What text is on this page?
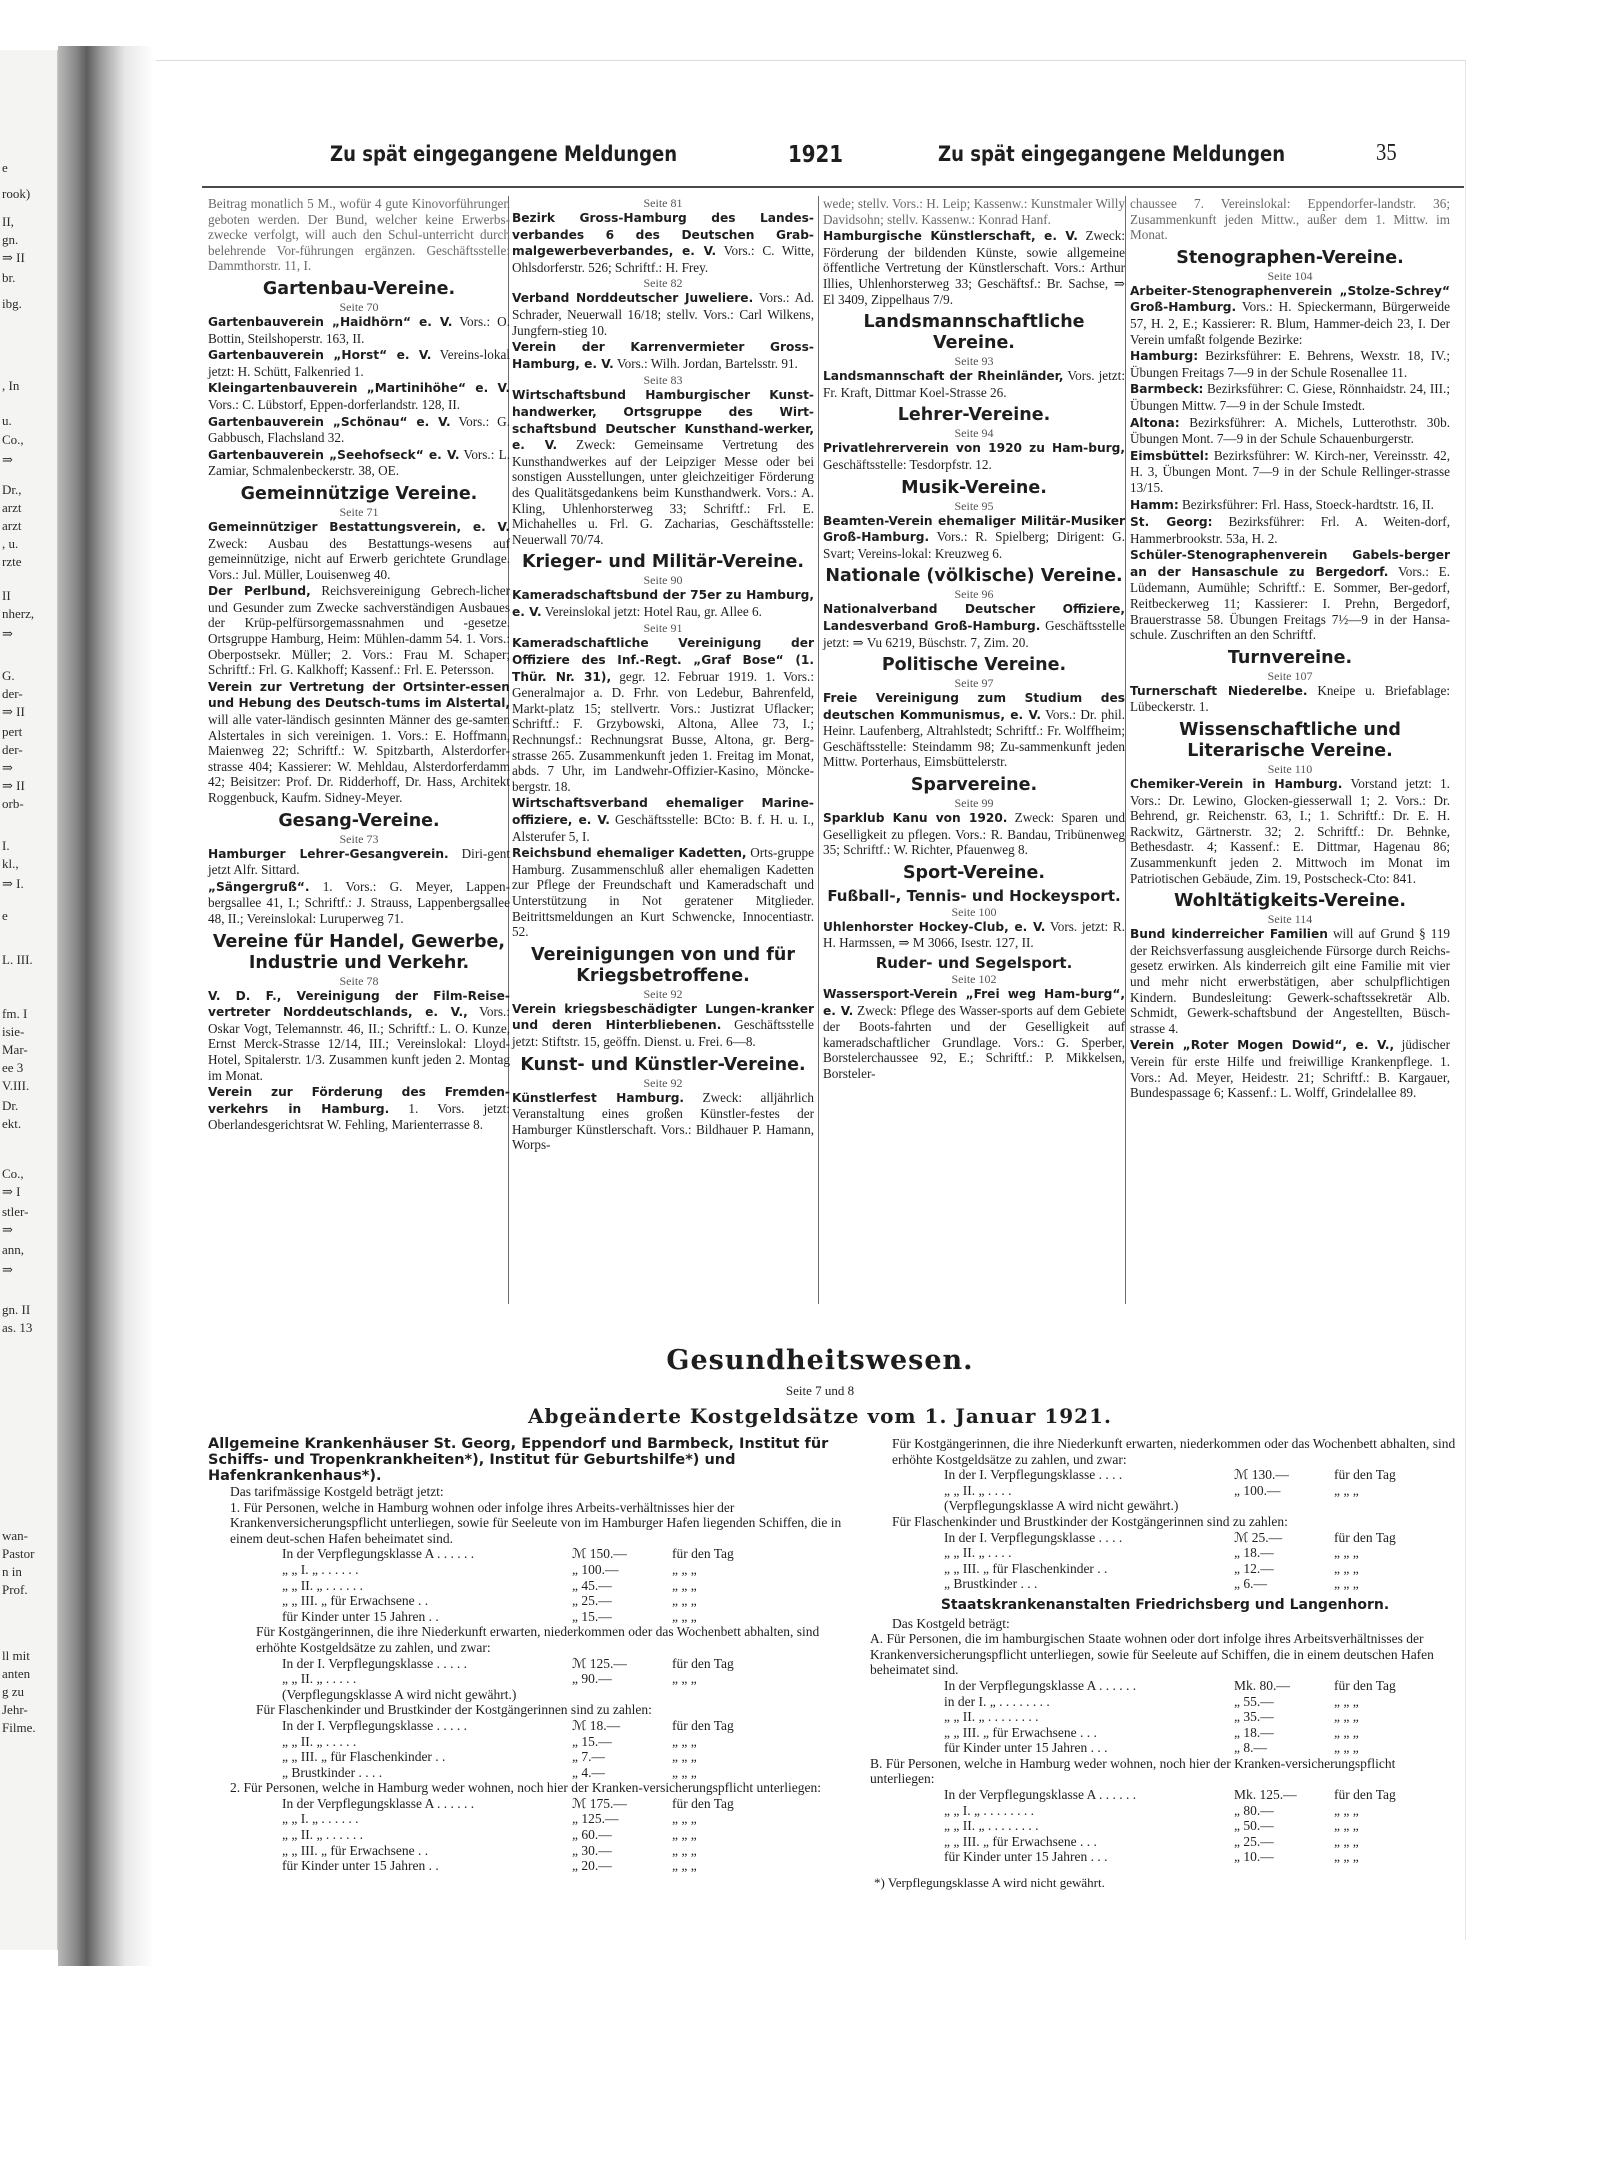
e
rook)
II,
gn.
⇒ II
br.
ibg.
, In
u.
Co.,
⇒
Dr.,
arzt
arzt
, u.
rzte
II
nherz,
⇒
G.
der-
⇒ II
pert
der-
⇒
⇒ II
orb-
I.
kl.,
⇒ I.
e
L. III.
fm. I
isie-
Mar-
ee 3
V.III.
Dr.
ekt.
Co.,
⇒ I
stler-
⇒
ann,
⇒
gn. II
as. 13
wan-
Pastor
n in
Prof.
ll mit
anten
g zu
Jehr-
Filme.
Zu spät eingegangene Meldungen	1921	Zu spät eingegangene Meldungen	35
Beitrag monatlich 5 M., wofür 4 gute Kinovorführungen geboten werden. Der Bund, welcher keine Erwerbs-zwecke verfolgt, will auch den Schul-unterricht durch belehrende Vor-führungen ergänzen. Geschäftsstelle: Dammthorstr. 11, I.
Gartenbau-Vereine.
Seite 70
Gartenbauverein „Haidhörn“ e. V. Vors.: O. Bottin, Steilshoperstr. 163, II.
Gartenbauverein „Horst“ e. V. Vereins-lokal jetzt: H. Schütt, Falkenried 1.
Kleingartenbauverein „Martinihöhe“ e. V. Vors.: C. Lübstorf, Eppen-dorferlandstr. 128, II.
Gartenbauverein „Schönau“ e. V. Vors.: G. Gabbusch, Flachsland 32.
Gartenbauverein „Seehofseck“ e. V. Vors.: L. Zamiar, Schmalenbeckerstr. 38, OE.
Gemeinnützige Vereine.
Seite 71
Gemeinnütziger Bestattungsverein, e. V. Zweck: Ausbau des Bestattungs-wesens auf gemeinnützige, nicht auf Erwerb gerichtete Grundlage. Vors.: Jul. Müller, Louisenweg 40.
Der Perlbund, Reichsvereinigung Gebrech-licher und Gesunder zum Zwecke sachverständigen Ausbaues der Krüp-pelfürsorgemassnahmen und -gesetze. Ortsgruppe Hamburg, Heim: Mühlen-damm 54. 1. Vors.: Oberpostsekr. Müller; 2. Vors.: Frau M. Schaper; Schriftf.: Frl. G. Kalkhoff; Kassenf.: Frl. E. Petersson.
Verein zur Vertretung der Ortsinter-essen und Hebung des Deutsch-tums im Alstertal, will alle vater-ländisch gesinnten Männer des ge-samten Alstertales in sich vereinigen. 1. Vors.: E. Hoffmann, Maienweg 22; Schriftf.: W. Spitzbarth, Alsterdorfer-strasse 404; Kassierer: W. Mehldau, Alsterdorferdamm 42; Beisitzer: Prof. Dr. Ridderhoff, Dr. Hass, Architekt Roggenbuck, Kaufm. Sidney-Meyer.
Gesang-Vereine.
Seite 73
Hamburger Lehrer-Gesangverein. Diri-gent jetzt Alfr. Sittard.
„Sängergruß“. 1. Vors.: G. Meyer, Lappen-bergsallee 41, I.; Schriftf.: J. Strauss, Lappenbergsallee 48, II.; Vereinslokal: Luruperweg 71.
Vereine für Handel, Gewerbe, Industrie und Verkehr.
Seite 78
V. D. F., Vereinigung der Film-Reise-vertreter Norddeutschlands, e. V., Vors.: Oskar Vogt, Telemannstr. 46, II.; Schriftf.: L. O. Kunze, Ernst Merck-Strasse 12/14, III.; Vereinslokal: Lloyd-Hotel, Spitalerstr. 1/3. Zusammen kunft jeden 2. Montag im Monat.
Verein zur Förderung des Fremden-verkehrs in Hamburg. 1. Vors. jetzt: Oberlandesgerichtsrat W. Fehling, Marienterrasse 8.
Seite 81
Bezirk Gross-Hamburg des Landes-verbandes 6 des Deutschen Grab-malgewerbeverbandes, e. V. Vors.: C. Witte, Ohlsdorferstr. 526; Schriftf.: H. Frey.
Seite 82
Verband Norddeutscher Juweliere. Vors.: Ad. Schrader, Neuerwall 16/18; stellv. Vors.: Carl Wilkens, Jungfern-stieg 10.
Verein der Karrenvermieter Gross-Hamburg, e. V. Vors.: Wilh. Jordan, Bartelsstr. 91.
Seite 83
Wirtschaftsbund Hamburgischer Kunst-handwerker, Ortsgruppe des Wirt-schaftsbund Deutscher Kunsthand-werker, e. V. Zweck: Gemeinsame Vertretung des Kunsthandwerkes auf der Leipziger Messe oder bei sonstigen Ausstellungen, unter gleichzeitiger Förderung des Qualitätsgedankens beim Kunsthandwerk. Vors.: A. Kling, Uhlenhorsterweg 33; Schriftf.: Frl. E. Michahelles u. Frl. G. Zacharias, Geschäftsstelle: Neuerwall 70/74.
Krieger- und Militär-Vereine.
Seite 90
Kameradschaftsbund der 75er zu Hamburg, e. V. Vereinslokal jetzt: Hotel Rau, gr. Allee 6.
Seite 91
Kameradschaftliche Vereinigung der Offiziere des Inf.-Regt. „Graf Bose“ (1. Thür. Nr. 31), gegr. 12. Februar 1919. 1. Vors.: Generalmajor a. D. Frhr. von Ledebur, Bahrenfeld, Markt-platz 15; stellvertr. Vors.: Justizrat Uflacker; Schriftf.: F. Grzybowski, Altona, Allee 73, I.; Rechnungsf.: Rechnungsrat Busse, Altona, gr. Berg-strasse 265. Zusammenkunft jeden 1. Freitag im Monat, abds. 7 Uhr, im Landwehr-Offizier-Kasino, Möncke-bergstr. 18.
Wirtschaftsverband ehemaliger Marine-offiziere, e. V. Geschäftsstelle: BCto: B. f. H. u. I., Alsterufer 5, I.
Reichsbund ehemaliger Kadetten, Orts-gruppe Hamburg. Zusammenschluß aller ehemaligen Kadetten zur Pflege der Freundschaft und Kameradschaft und Unterstützung in Not geratener Mitglieder. Beitrittsmeldungen an Kurt Schwencke, Innocentiastr. 52.
Vereinigungen von und für Kriegsbetroffene.
Seite 92
Verein kriegsbeschädigter Lungen-kranker und deren Hinterbliebenen. Geschäftsstelle jetzt: Stiftstr. 15, geöffn. Dienst. u. Frei. 6—8.
Kunst- und Künstler-Vereine.
Seite 92
Künstlerfest Hamburg. Zweck: alljährlich Veranstaltung eines großen Künstler-festes der Hamburger Künstlerschaft. Vors.: Bildhauer P. Hamann, Worps-
wede; stellv. Vors.: H. Leip; Kassenw.: Kunstmaler Willy Davidsohn; stellv. Kassenw.: Konrad Hanf.
Hamburgische Künstlerschaft, e. V. Zweck: Förderung der bildenden Künste, sowie allgemeine öffentliche Vertretung der Künstlerschaft. Vors.: Arthur Illies, Uhlenhorsterweg 33; Geschäftsf.: Br. Sachse, ⇒ El 3409, Zippelhaus 7/9.
Landsmannschaftliche Vereine.
Seite 93
Landsmannschaft der Rheinländer, Vors. jetzt: Fr. Kraft, Dittmar Koel-Strasse 26.
Lehrer-Vereine.
Seite 94
Privatlehrerverein von 1920 zu Ham-burg, Geschäftsstelle: Tesdorpfstr. 12.
Musik-Vereine.
Seite 95
Beamten-Verein ehemaliger Militär-Musiker Groß-Hamburg. Vors.: R. Spielberg; Dirigent: G. Svart; Vereins-lokal: Kreuzweg 6.
Nationale (völkische) Vereine.
Seite 96
Nationalverband Deutscher Offiziere, Landesverband Groß-Hamburg. Geschäftsstelle jetzt: ⇒ Vu 6219, Büschstr. 7, Zim. 20.
Politische Vereine.
Seite 97
Freie Vereinigung zum Studium des deutschen Kommunismus, e. V. Vors.: Dr. phil. Heinr. Laufenberg, Altrahlstedt; Schriftf.: Fr. Wolffheim; Geschäftsstelle: Steindamm 98; Zu-sammenkunft jeden Mittw. Porterhaus, Eimsbüttelerstr.
Sparvereine.
Seite 99
Sparklub Kanu von 1920. Zweck: Sparen und Geselligkeit zu pflegen. Vors.: R. Bandau, Tribünenweg 35; Schriftf.: W. Richter, Pfauenweg 8.
Sport-Vereine.
Fußball-, Tennis- und Hockeysport.
Seite 100
Uhlenhorster Hockey-Club, e. V. Vors. jetzt: R. H. Harmssen, ⇒ M 3066, Isestr. 127, II.
Ruder- und Segelsport.
Seite 102
Wassersport-Verein „Frei weg Ham-burg“, e. V. Zweck: Pflege des Wasser-sports auf dem Gebiete der Boots-fahrten und der Geselligkeit auf kameradschaftlicher Grundlage. Vors.: G. Sperber, Borstelerchaussee 92, E.; Schriftf.: P. Mikkelsen, Borsteler-
chaussee 7. Vereinslokal: Eppendorfer-landstr. 36; Zusammenkunft jeden Mittw., außer dem 1. Mittw. im Monat.
Stenographen-Vereine.
Seite 104
Arbeiter-Stenographenverein „Stolze-Schrey“ Groß-Hamburg. Vors.: H. Spieckermann, Bürgerweide 57, H. 2, E.; Kassierer: R. Blum, Hammer-deich 23, I. Der Verein umfaßt folgende Bezirke:
Hamburg: Bezirksführer: E. Behrens, Wexstr. 18, IV.; Übungen Freitags 7—9 in der Schule Rosenallee 11.
Barmbeck: Bezirksführer: C. Giese, Rönnhaidstr. 24, III.; Übungen Mittw. 7—9 in der Schule Imstedt.
Altona: Bezirksführer: A. Michels, Lutterothstr. 30b. Übungen Mont. 7—9 in der Schule Schauenburgerstr.
Eimsbüttel: Bezirksführer: W. Kirch-ner, Vereinsstr. 42, H. 3, Übungen Mont. 7—9 in der Schule Rellinger-strasse 13/15.
Hamm: Bezirksführer: Frl. Hass, Stoeck-hardtstr. 16, II.
St. Georg: Bezirksführer: Frl. A. Weiten-dorf, Hammerbrookstr. 53a, H. 2.
Schüler-Stenographenverein Gabels-berger an der Hansaschule zu Bergedorf. Vors.: E. Lüdemann, Aumühle; Schriftf.: E. Sommer, Ber-gedorf, Reitbeckerweg 11; Kassierer: I. Prehn, Bergedorf, Brauerstrasse 58. Übungen Freitags 7½—9 in der Hansa-schule. Zuschriften an den Schriftf.
Turnvereine.
Seite 107
Turnerschaft Niederelbe. Kneipe u. Briefablage: Lübeckerstr. 1.
Wissenschaftliche und Literarische Vereine.
Seite 110
Chemiker-Verein in Hamburg. Vorstand jetzt: 1. Vors.: Dr. Lewino, Glocken-giesserwall 1; 2. Vors.: Dr. Behrend, gr. Reichenstr. 63, I.; 1. Schriftf.: Dr. E. H. Rackwitz, Gärtnerstr. 32; 2. Schriftf.: Dr. Behnke, Bethesdastr. 4; Kassenf.: E. Dittmar, Hagenau 86; Zusammenkunft jeden 2. Mittwoch im Monat im Patriotischen Gebäude, Zim. 19, Postscheck-Cto: 841.
Wohltätigkeits-Vereine.
Seite 114
Bund kinderreicher Familien will auf Grund § 119 der Reichsverfassung ausgleichende Fürsorge durch Reichs-gesetz erwirken. Als kinderreich gilt eine Familie mit vier und mehr nicht erwerbstätigen, aber schulpflichtigen Kindern. Bundesleitung: Gewerk-schaftssekretär Alb. Schmidt, Gewerk-schaftsbund der Angestellten, Büsch-strasse 4.
Verein „Roter Mogen Dowid“, e. V., jüdischer Verein für erste Hilfe und freiwillige Krankenpflege. 1. Vors.: Ad. Meyer, Heidestr. 21; Schriftf.: B. Kargauer, Bundespassage 6; Kassenf.: L. Wolff, Grindelallee 89.
Gesundheitswesen.
Seite 7 und 8
Abgeänderte Kostgeldsätze vom 1. Januar 1921.
Allgemeine Krankenhäuser St. Georg, Eppendorf und Barmbeck, Institut für Schiffs- und Tropenkrankheiten*), Institut für Geburtshilfe*) und Hafenkrankenhaus*).

Das tarifmässige Kostgeld beträgt jetzt:

1. Für Personen, welche in Hamburg wohnen oder infolge ihres Arbeits-verhältnisses hier der Krankenversicherungspflicht unterliegen, sowie für Seeleute von im Hamburger Hafen liegenden Schiffen, die in einem deut-schen Hafen beheimatet sind.

In der Verpflegungsklasse A . . . . . .	ℳ 150.—	für den Tag
„ „ I. „ . . . . . .	„ 100.—	„ „ „
„ „ II. „ . . . . . .	„ 45.—	„ „ „
„ „ III. „ für Erwachsene . .	„ 25.—	„ „ „
für Kinder unter 15 Jahren . .	„ 15.—	„ „ „

Für Kostgängerinnen, die ihre Niederkunft erwarten, niederkommen oder das Wochenbett abhalten, sind erhöhte Kostgeldsätze zu zahlen, und zwar:

In der I. Verpflegungsklasse . . . . .	ℳ 125.—	für den Tag
„ „ II. „ . . . . .	„ 90.—	„ „ „
(Verpflegungsklasse A wird nicht gewährt.)

Für Flaschenkinder und Brustkinder der Kostgängerinnen sind zu zahlen:

In der I. Verpflegungsklasse . . . . .	ℳ 18.—	für den Tag
„ „ II. „ . . . . .	„ 15.—	„ „ „
„ „ III. „ für Flaschenkinder . .	„ 7.—	„ „ „
„ Brustkinder . . . .	„ 4.—	„ „ „

2. Für Personen, welche in Hamburg weder wohnen, noch hier der Kranken-versicherungspflicht unterliegen:

In der Verpflegungsklasse A . . . . . .	ℳ 175.—	für den Tag
„ „ I. „ . . . . . .	„ 125.—	„ „ „
„ „ II. „ . . . . . .	„ 60.—	„ „ „
„ „ III. „ für Erwachsene . .	„ 30.—	„ „ „
für Kinder unter 15 Jahren . .	„ 20.—	„ „ „

Für Kostgängerinnen, die ihre Niederkunft erwarten, niederkommen oder das Wochenbett abhalten, sind erhöhte Kostgeldsätze zu zahlen, und zwar:

In der I. Verpflegungsklasse . . . .	ℳ 130.—	für den Tag
„ „ II. „ . . . .	„ 100.—	„ „ „
(Verpflegungsklasse A wird nicht gewährt.)

Für Flaschenkinder und Brustkinder der Kostgängerinnen sind zu zahlen:

In der I. Verpflegungsklasse . . . .	ℳ 25.—	für den Tag
„ „ II. „ . . . .	„ 18.—	„ „ „
„ „ III. „ für Flaschenkinder . .	„ 12.—	„ „ „
„ Brustkinder . . .	„ 6.—	„ „ „
Staatskrankenanstalten Friedrichsberg und Langenhorn.

Das Kostgeld beträgt:

A. Für Personen, die im hamburgischen Staate wohnen oder dort infolge ihres Arbeitsverhältnisses der Krankenversicherungspflicht unterliegen, sowie für Seeleute auf Schiffen, die in einem deutschen Hafen beheimatet sind.

In der Verpflegungsklasse A . . . . . .	Mk. 80.—	für den Tag
in der I. „ . . . . . . . .	„ 55.—	„ „ „
„ „ II. „ . . . . . . . .	„ 35.—	„ „ „
„ „ III. „ für Erwachsene . . .	„ 18.—	„ „ „
für Kinder unter 15 Jahren . . .	„ 8.—	„ „ „

B. Für Personen, welche in Hamburg weder wohnen, noch hier der Kranken-versicherungspflicht unterliegen:

In der Verpflegungsklasse A . . . . . .	Mk. 125.—	für den Tag
„ „ I. „ . . . . . . . .	„ 80.—	„ „ „
„ „ II. „ . . . . . . . .	„ 50.—	„ „ „
„ „ III. „ für Erwachsene . . .	„ 25.—	„ „ „
für Kinder unter 15 Jahren . . .	„ 10.—	„ „ „

*) Verpflegungsklasse A wird nicht gewährt.
